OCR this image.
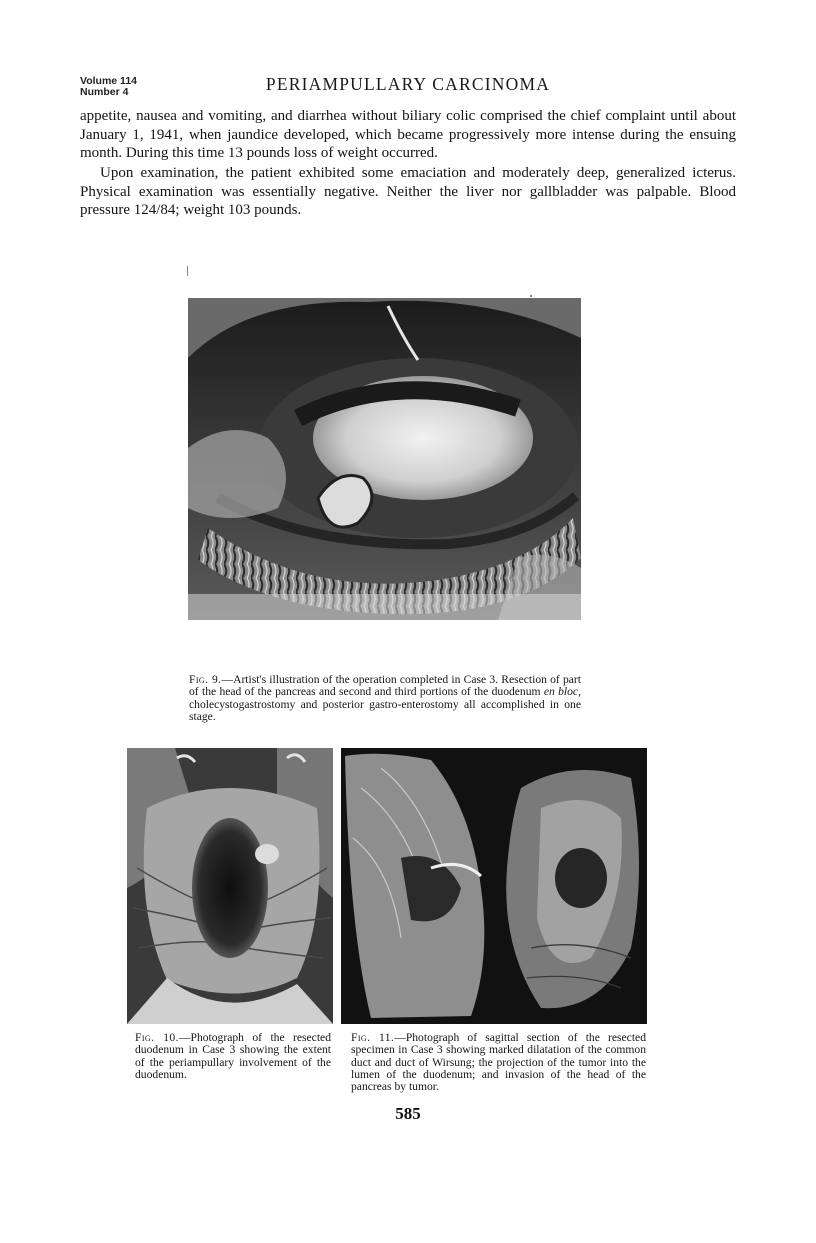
Volume 114
Number 4	PERIAMPULLARY CARCINOMA

appetite, nausea and vomiting, and diarrhea without biliary colic comprised the chief complaint until about January 1, 1941, when jaundice developed, which became progressively more intense during the ensuing month. During this time 13 pounds loss of weight occurred.

Upon examination, the patient exhibited some emaciation and moderately deep, generalized icterus. Physical examination was essentially negative. Neither the liver nor gallbladder was palpable. Blood pressure 124/84; weight 103 pounds.

Fig. 9.—Artist's illustration of the operation completed in Case 3. Resection of part of the head of the pancreas and second and third portions of the duodenum en bloc, cholecystogastrostomy and posterior gastro-enterostomy all accomplished in one stage.
Fig. 10.—Photograph of the resected duodenum in Case 3 showing the extent of the periampullary involvement of the duodenum.
Fig. 11.—Photograph of sagittal section of the resected specimen in Case 3 showing marked dilatation of the common duct and duct of Wirsung; the projection of the tumor into the lumen of the duodenum; and invasion of the head of the pancreas by tumor.
585
